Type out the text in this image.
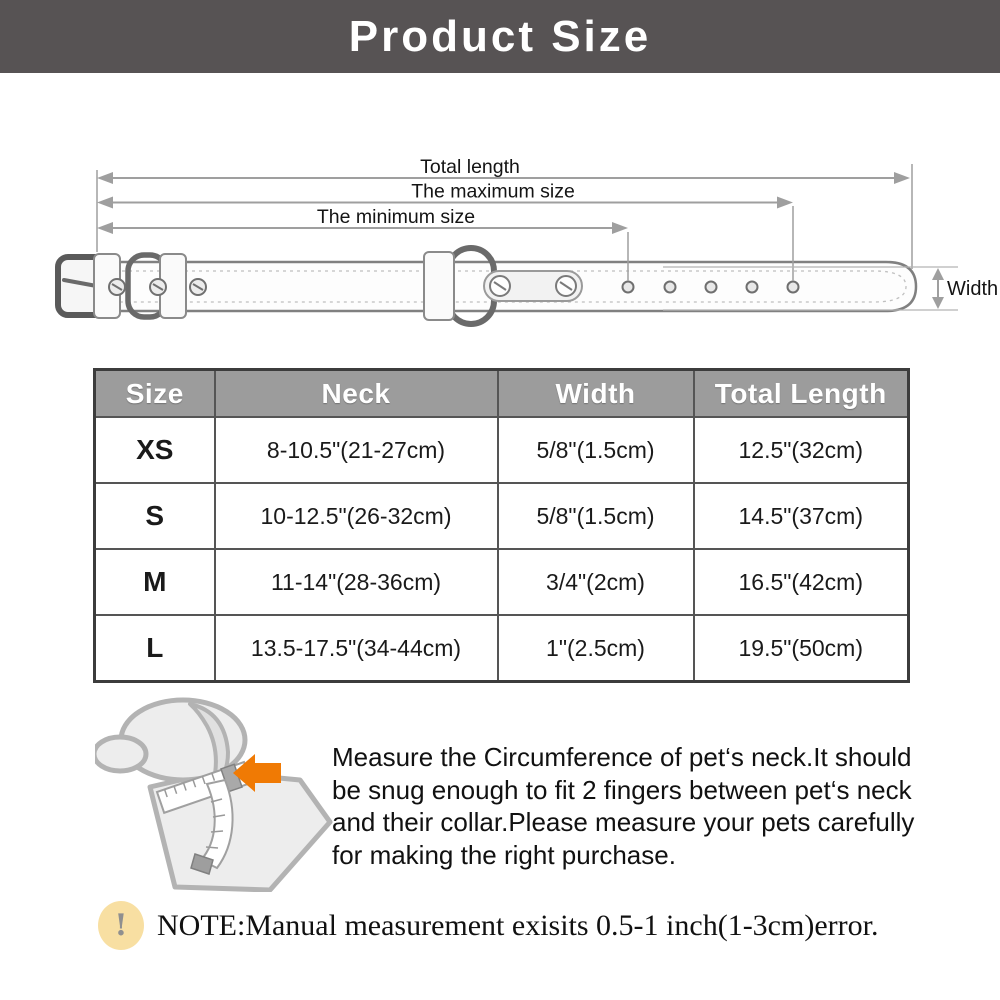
Product Size
Total length
The maximum size
The minimum size
Width
Size	Neck	Width	Total Length
XS	8-10.5"(21-27cm)	5/8"(1.5cm)	12.5"(32cm)
S	10-12.5"(26-32cm)	5/8"(1.5cm)	14.5"(37cm)
M	11-14"(28-36cm)	3/4"(2cm)	16.5"(42cm)
L	13.5-17.5"(34-44cm)	1"(2.5cm)	19.5"(50cm)
Measure the Circumference of pet‘s neck.It should
be snug enough to fit 2 fingers between pet‘s neck
and their collar.Please measure your pets carefully
for making the right purchase.
! NOTE:Manual measurement exisits 0.5-1 inch(1-3cm)error.
